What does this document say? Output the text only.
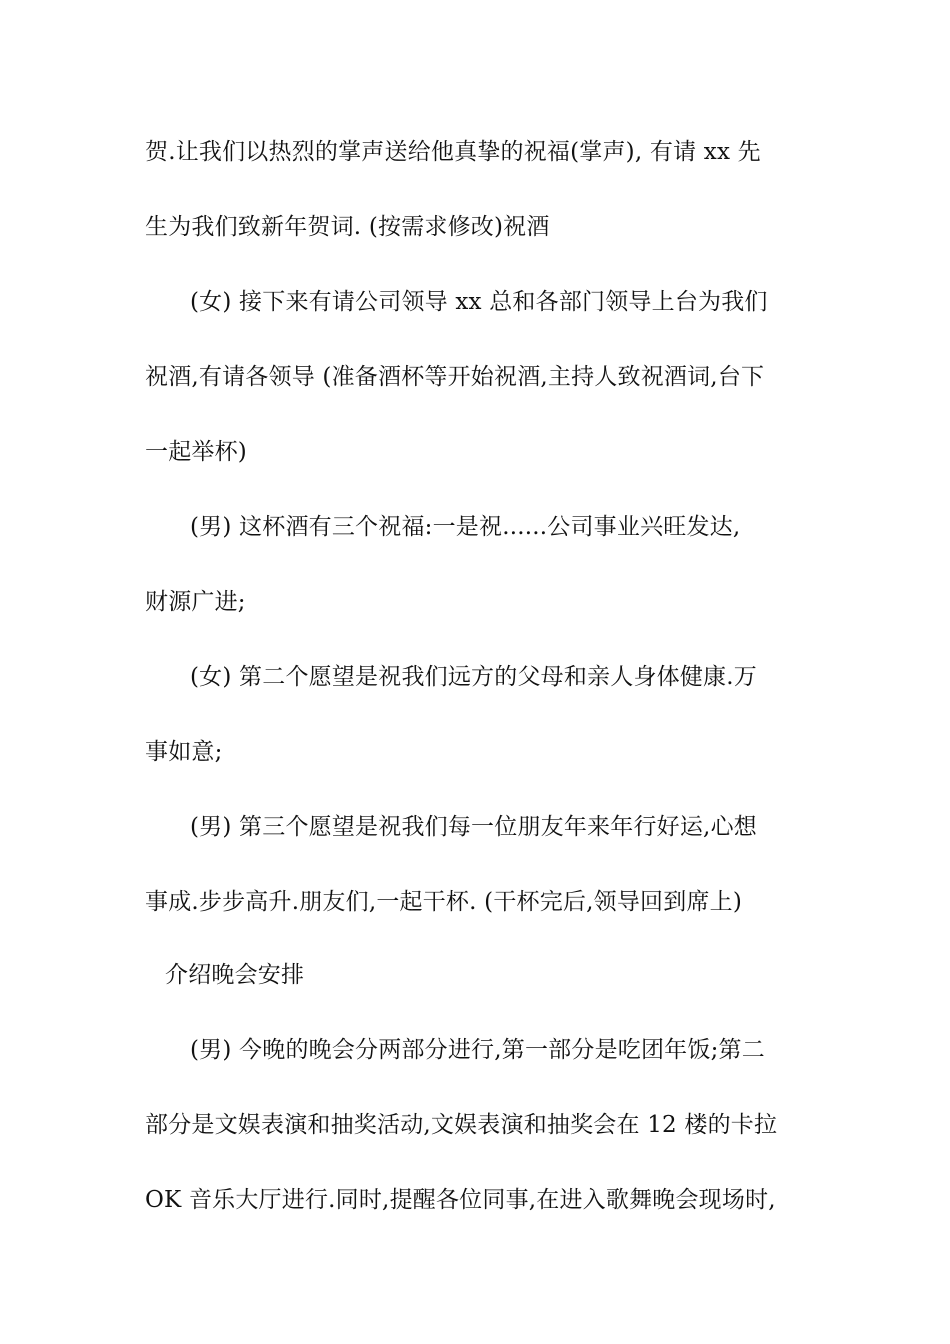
贺.让我们以热烈的掌声送给他真挚的祝福(掌声), 有请 xx 先
生为我们致新年贺词. (按需求修改)祝酒
(女) 接下来有请公司领导 xx 总和各部门领导上台为我们
祝酒,有请各领导 (准备酒杯等开始祝酒,主持人致祝酒词,台下
一起举杯)
(男) 这杯酒有三个祝福:一是祝......公司事业兴旺发达,
财源广进;
(女) 第二个愿望是祝我们远方的父母和亲人身体健康.万
事如意;
(男) 第三个愿望是祝我们每一位朋友年来年行好运,心想
事成.步步高升.朋友们,一起干杯. (干杯完后,领导回到席上)
介绍晚会安排
(男) 今晚的晚会分两部分进行,第一部分是吃团年饭;第二
部分是文娱表演和抽奖活动,文娱表演和抽奖会在 12 楼的卡拉
OK 音乐大厅进行.同时,提醒各位同事,在进入歌舞晚会现场时,
